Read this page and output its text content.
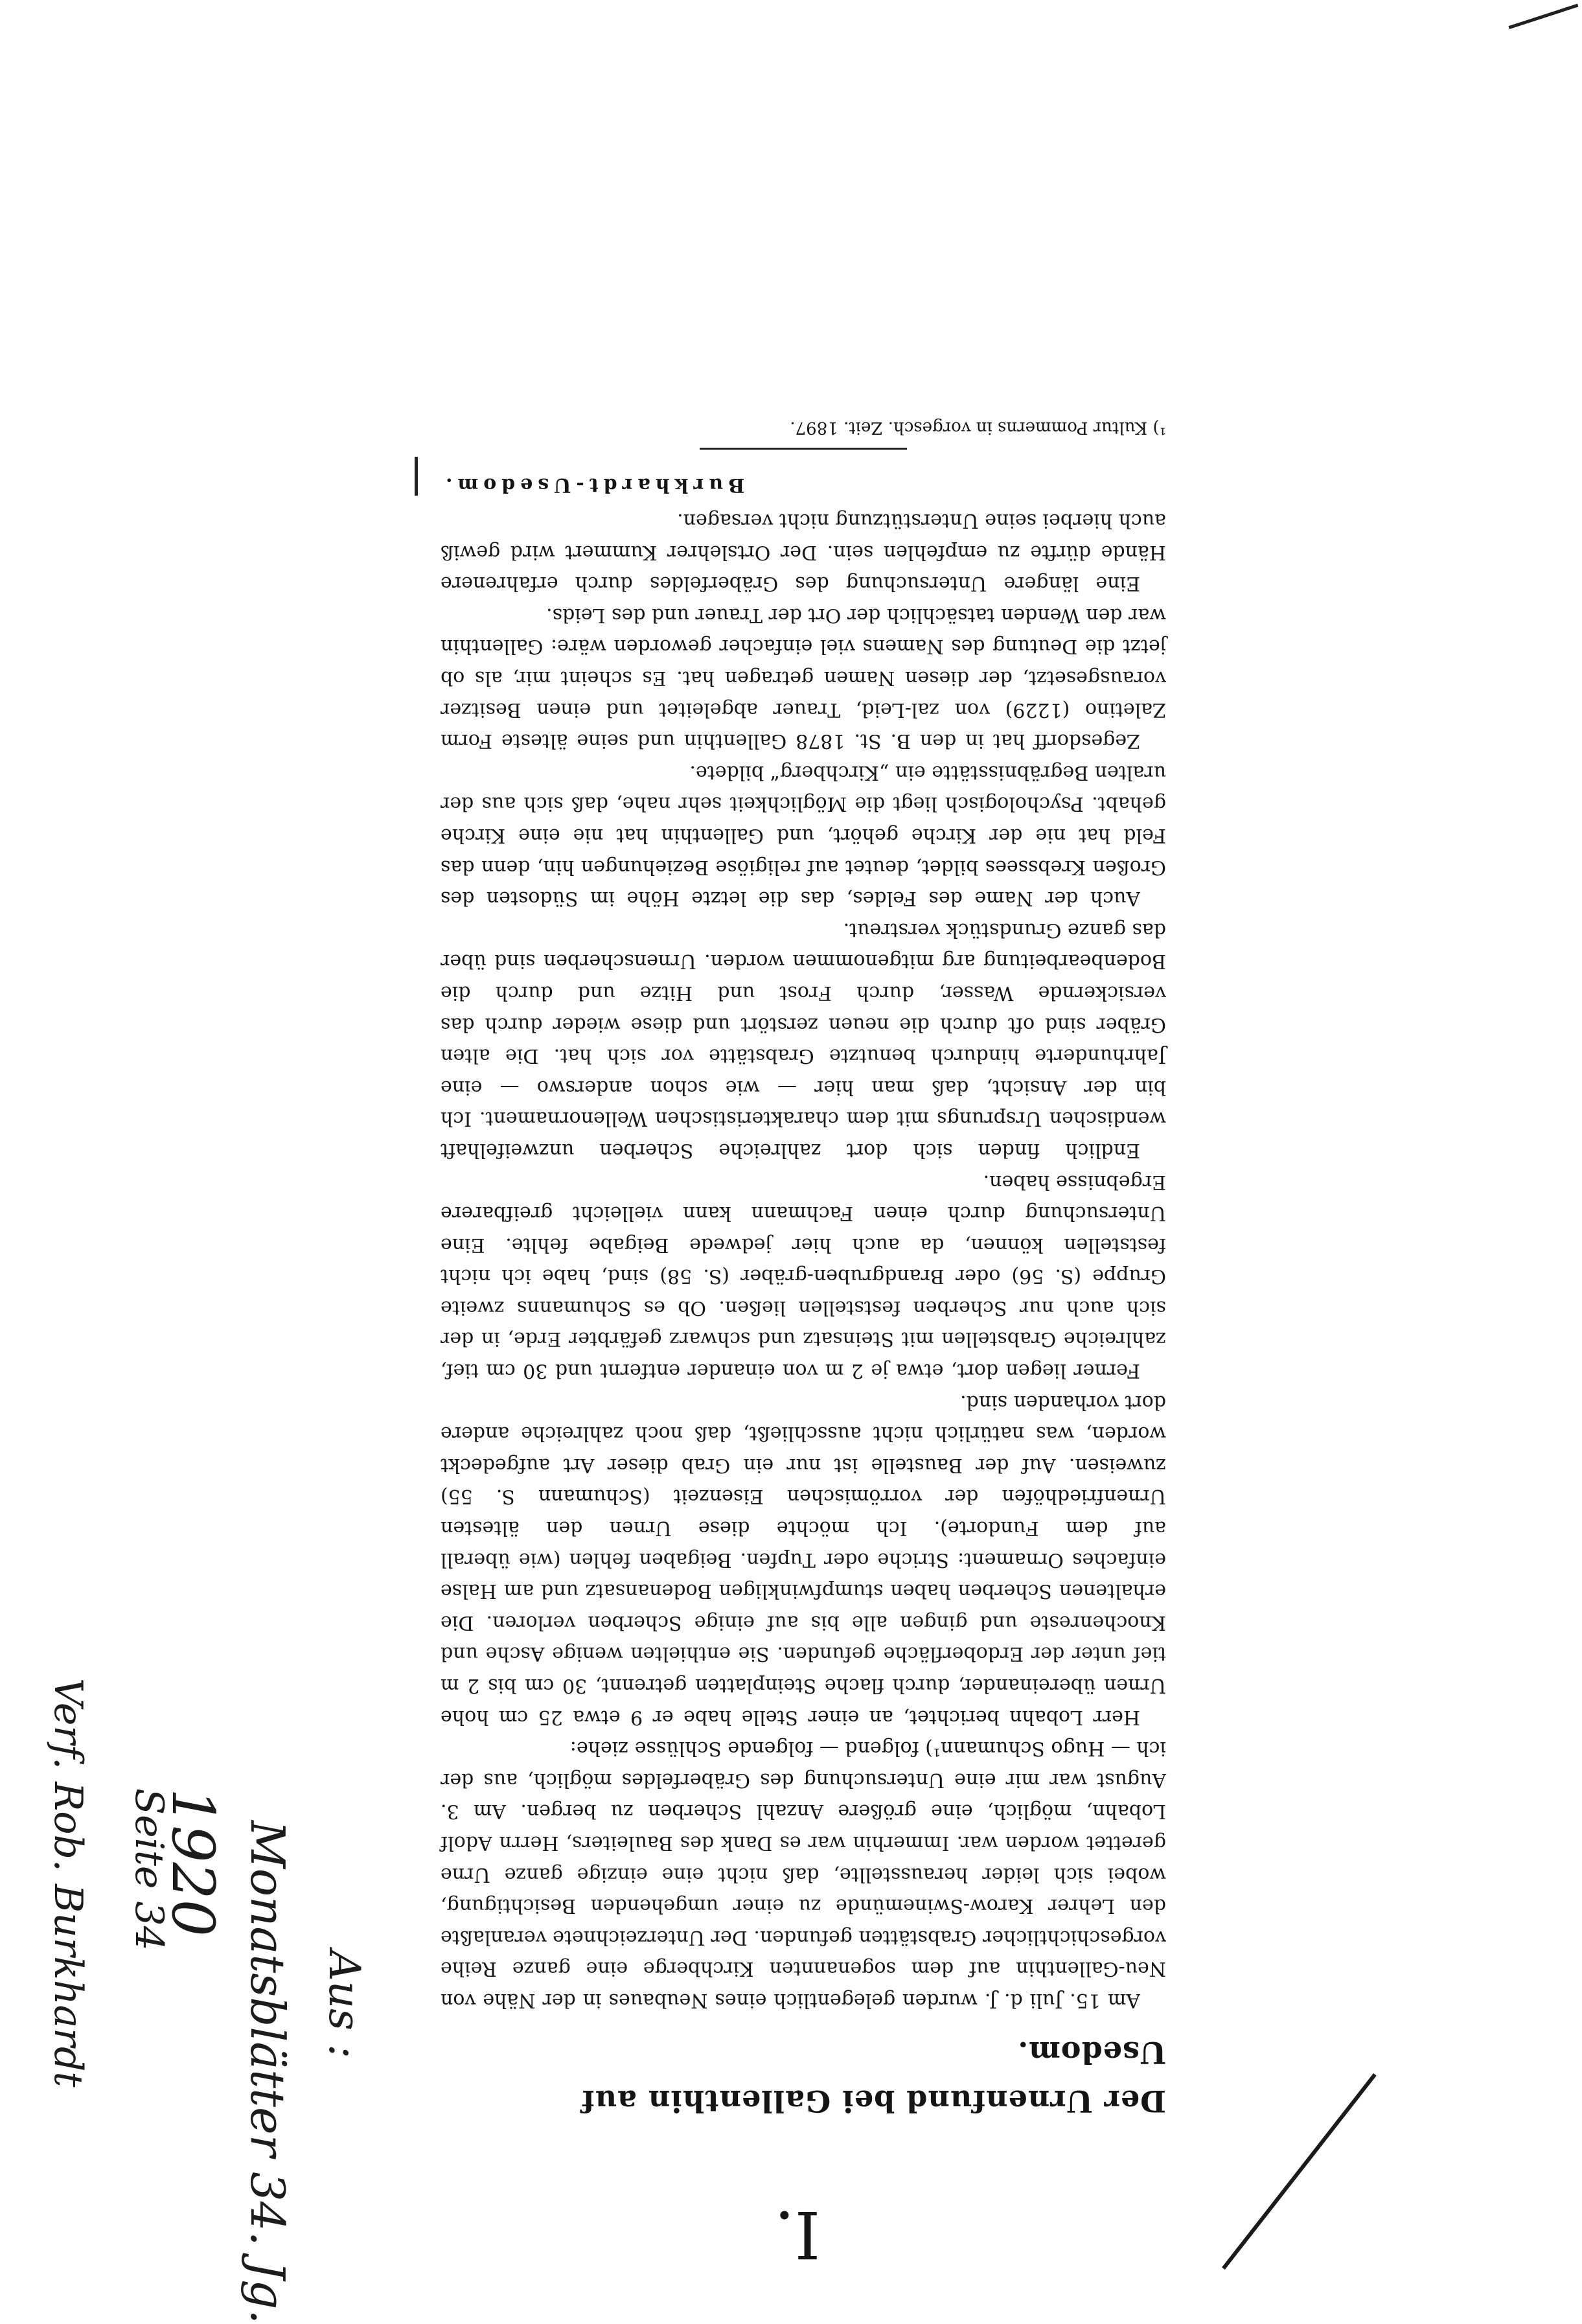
Der Urnenfund bei Gallenthin auf Usedom.

Am 15. Juli d. J. wurden gelegentlich eines Neubaues in der Nähe von Neu-Gallenthin auf dem sogenannten Kirchberge eine ganze Reihe vorgeschichtlicher Grabstätten gefunden. Der Unterzeichnete veranlaßte den Lehrer Karow-Swinemünde zu einer umgehenden Besichtigung, wobei sich leider herausstellte, daß nicht eine einzige ganze Urne gerettet worden war. Immerhin war es Dank des Bauleiters, Herrn Adolf Lobahn, möglich, eine größere Anzahl Scherben zu bergen. Am 3. August war mir eine Untersuchung des Gräberfeldes möglich, aus der ich — Hugo Schumann¹) folgend — folgende Schlüsse ziehe:

Herr Lobahn berichtet, an einer Stelle habe er 9 etwa 25 cm hohe Urnen übereinander, durch flache Steinplatten getrennt, 30 cm bis 2 m tief unter der Erdoberfläche gefunden. Sie enthielten wenige Asche und Knochenreste und gingen alle bis auf einige Scherben verloren. Die erhaltenen Scherben haben stumpfwinkligen Bodenansatz und am Halse einfaches Ornament: Striche oder Tupfen. Beigaben fehlen (wie überall auf dem Fundorte). Ich möchte diese Urnen den ältesten Urnenfriedhöfen der vorrömischen Eisenzeit (Schumann S. 55) zuweisen. Auf der Baustelle ist nur ein Grab dieser Art aufgedeckt worden, was natürlich nicht ausschließt, daß noch zahlreiche andere dort vorhanden sind.

Ferner liegen dort, etwa je 2 m von einander entfernt und 30 cm tief, zahlreiche Grabstellen mit Steinsatz und schwarz gefärbter Erde, in der sich auch nur Scherben feststellen ließen. Ob es Schumanns zweite Gruppe (S. 56) oder Brandgruben-gräber (S. 58) sind, habe ich nicht feststellen können, da auch hier jedwede Beigabe fehlte. Eine Untersuchung durch einen Fachmann kann vielleicht greifbarere Ergebnisse haben.

Endlich finden sich dort zahlreiche Scherben unzweifelhaft wendischen Ursprungs mit dem charakteristischen Wellenornament. Ich bin der Ansicht, daß man hier — wie schon anderswo — eine Jahrhunderte hindurch benutzte Grabstätte vor sich hat. Die alten Gräber sind oft durch die neuen zerstört und diese wieder durch das versickernde Wasser, durch Frost und Hitze und durch die Bodenbearbeitung arg mitgenommen worden. Urnenscherben sind über das ganze Grundstück verstreut.

Auch der Name des Feldes, das die letzte Höhe im Südosten des Großen Krebssees bildet, deutet auf religiöse Beziehungen hin, denn das Feld hat nie der Kirche gehört, und Gallenthin hat nie eine Kirche gehabt. Psychologisch liegt die Möglichkeit sehr nahe, daß sich aus der uralten Begräbnisstätte ein „Kirchberg“ bildete.

Zegesdorff hat in den B. St. 1878 Gallenthin und seine älteste Form Zaletino (1229) von zal-Leid, Trauer abgeleitet und einen Besitzer vorausgesetzt, der diesen Namen getragen hat. Es scheint mir, als ob jetzt die Deutung des Namens viel einfacher geworden wäre: Gallenthin war den Wenden tatsächlich der Ort der Trauer und des Leids.

Eine längere Untersuchung des Gräberfeldes durch erfahrenere Hände dürfte zu empfehlen sein. Der Ortslehrer Kummert wird gewiß auch hierbei seine Unterstützung nicht versagen.

Burkhardt-Usedom.
¹) Kultur Pommerns in vorgesch. Zeit. 1897.
Aus :
Monatsblätter 34. Jg.
1920
Seite 34
Verf. Rob. Burkhardt
I.
